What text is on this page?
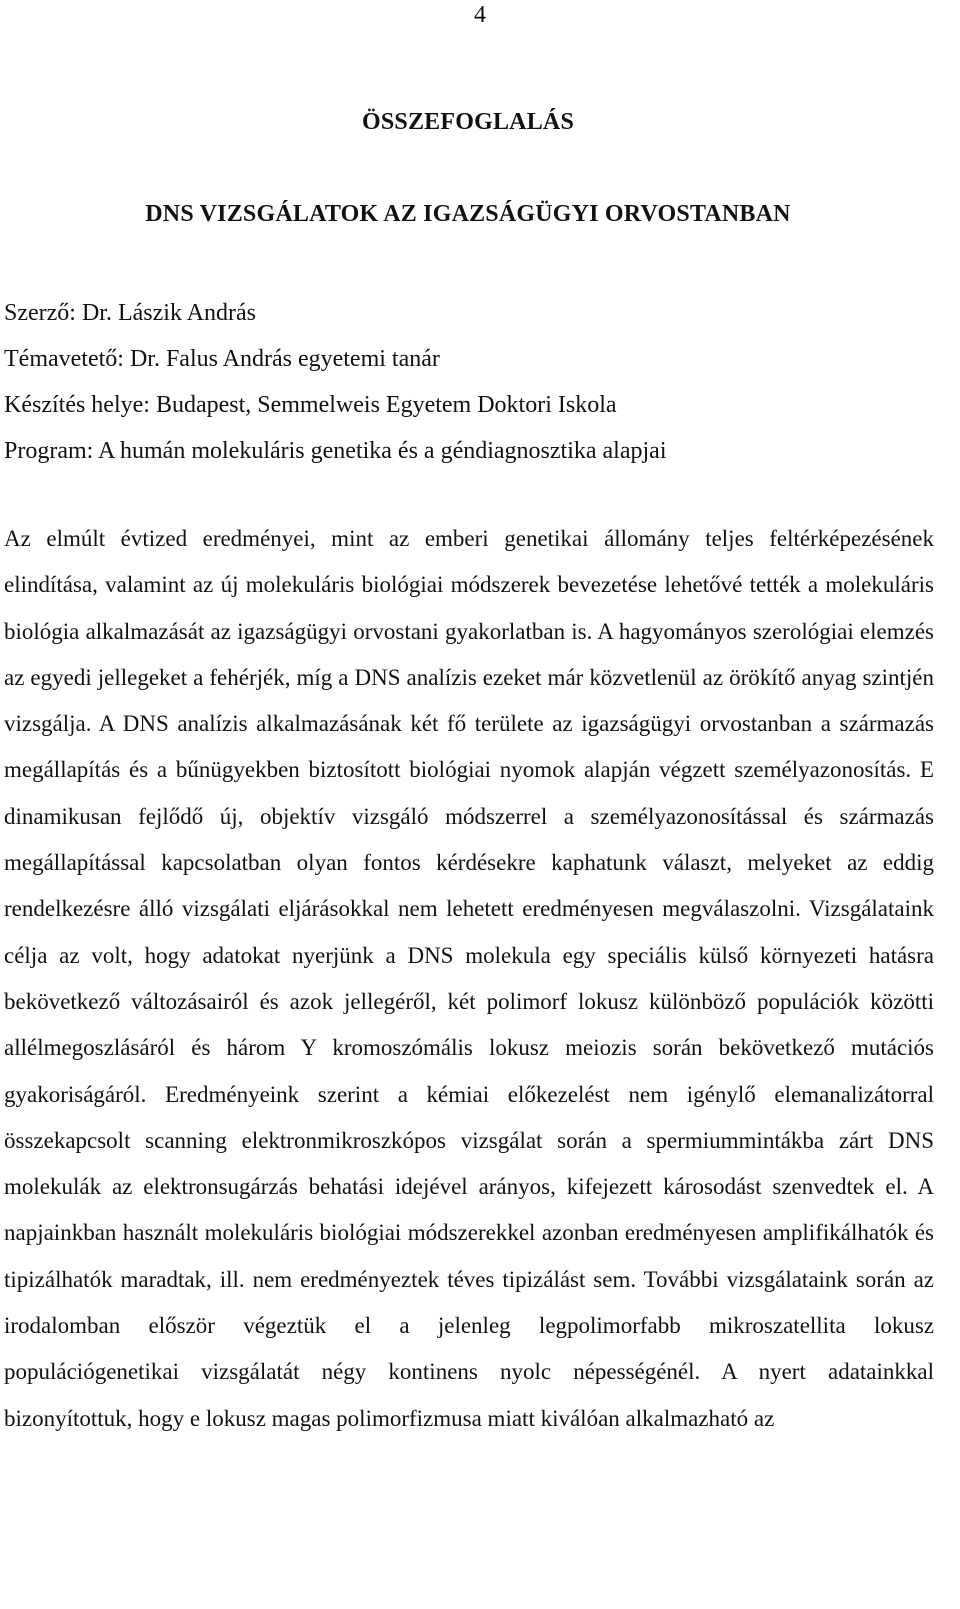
4
ÖSSZEFOGLALÁS
DNS VIZSGÁLATOK AZ IGAZSÁGÜGYI ORVOSTANBAN
Szerző: Dr. Lászik András
Témavetető: Dr. Falus András egyetemi tanár
Készítés helye: Budapest, Semmelweis Egyetem Doktori Iskola
Program: A humán molekuláris genetika és a géndiagnosztika alapjai

Az elmúlt évtized eredményei, mint az emberi genetikai állomány teljes feltérképezésének elindítása, valamint az új molekuláris biológiai módszerek bevezetése lehetővé tették a molekuláris biológia alkalmazását az igazságügyi orvostani gyakorlatban is. A hagyományos szerológiai elemzés az egyedi jellegeket a fehérjék, míg a DNS analízis ezeket már közvetlenül az örökítő anyag szintjén vizsgálja. A DNS analízis alkalmazásának két fő területe az igazságügyi orvostanban a származás megállapítás és a bűnügyekben biztosított biológiai nyomok alapján végzett személyazonosítás. E dinamikusan fejlődő új, objektív vizsgáló módszerrel a személyazonosítással és származás megállapítással kapcsolatban olyan fontos kérdésekre kaphatunk választ, melyeket az eddig rendelkezésre álló vizsgálati eljárásokkal nem lehetett eredményesen megválaszolni. Vizsgálataink célja az volt, hogy adatokat nyerjünk a DNS molekula egy speciális külső környezeti hatásra bekövetkező változásairól és azok jellegéről, két polimorf lokusz különböző populációk közötti allélmegoszlásáról és három Y kromoszómális lokusz meiozis során bekövetkező mutációs gyakoriságáról. Eredményeink szerint a kémiai előkezelést nem igénylő elemanalizátorral összekapcsolt scanning elektronmikroszkópos vizsgálat során a spermiummintákba zárt DNS molekulák az elektronsugárzás behatási idejével arányos, kifejezett károsodást szenvedtek el. A napjainkban használt molekuláris biológiai módszerekkel azonban eredményesen amplifikálhatók és tipizálhatók maradtak, ill. nem eredményeztek téves tipizálást sem. További vizsgálataink során az irodalomban először végeztük el a jelenleg legpolimorfabb mikroszatellita lokusz populációgenetikai vizsgálatát négy kontinens nyolc népességénél. A nyert adatainkkal bizonyítottuk, hogy e lokusz magas polimorfizmusa miatt kiválóan alkalmazható az
